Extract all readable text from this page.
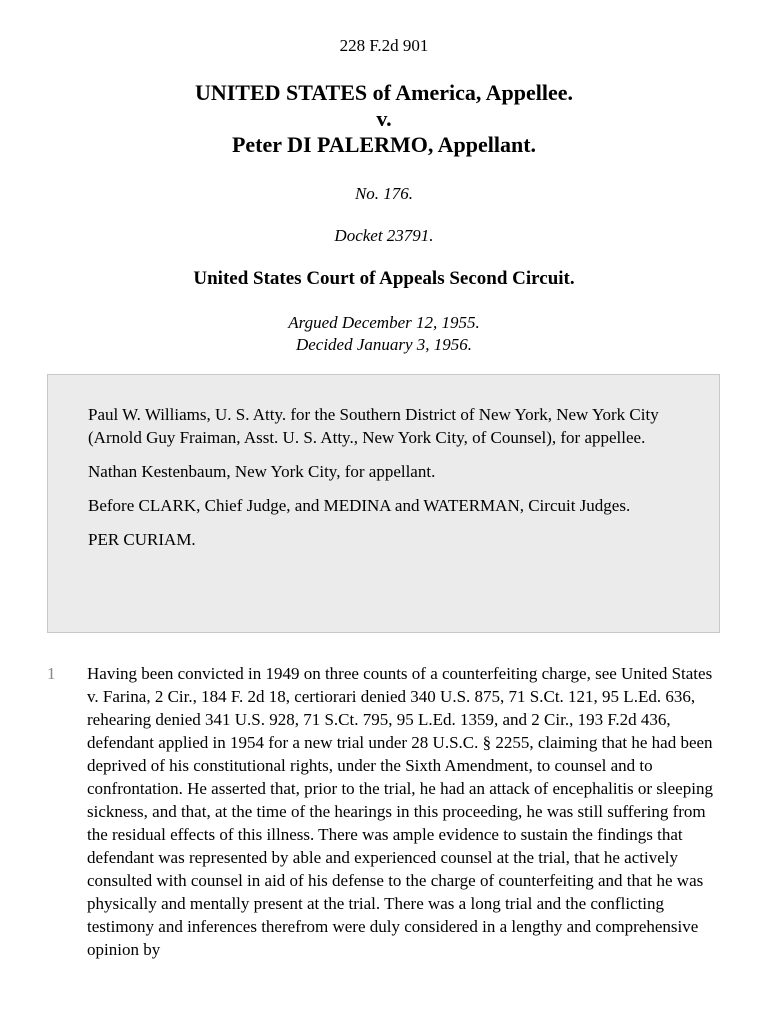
228 F.2d 901
UNITED STATES of America, Appellee.
v.
Peter DI PALERMO, Appellant.
No. 176.
Docket 23791.
United States Court of Appeals Second Circuit.
Argued December 12, 1955.
Decided January 3, 1956.

Paul W. Williams, U. S. Atty. for the Southern District of New York, New York City (Arnold Guy Fraiman, Asst. U. S. Atty., New York City, of Counsel), for appellee.

Nathan Kestenbaum, New York City, for appellant.

Before CLARK, Chief Judge, and MEDINA and WATERMAN, Circuit Judges.

PER CURIAM.

1 Having been convicted in 1949 on three counts of a counterfeiting charge, see United States v. Farina, 2 Cir., 184 F. 2d 18, certiorari denied 340 U.S. 875, 71 S.Ct. 121, 95 L.Ed. 636, rehearing denied 341 U.S. 928, 71 S.Ct. 795, 95 L.Ed. 1359, and 2 Cir., 193 F.2d 436, defendant applied in 1954 for a new trial under 28 U.S.C. § 2255, claiming that he had been deprived of his constitutional rights, under the Sixth Amendment, to counsel and to confrontation. He asserted that, prior to the trial, he had an attack of encephalitis or sleeping sickness, and that, at the time of the hearings in this proceeding, he was still suffering from the residual effects of this illness. There was ample evidence to sustain the findings that defendant was represented by able and experienced counsel at the trial, that he actively consulted with counsel in aid of his defense to the charge of counterfeiting and that he was physically and mentally present at the trial. There was a long trial and the conflicting testimony and inferences therefrom were duly considered in a lengthy and comprehensive opinion by
